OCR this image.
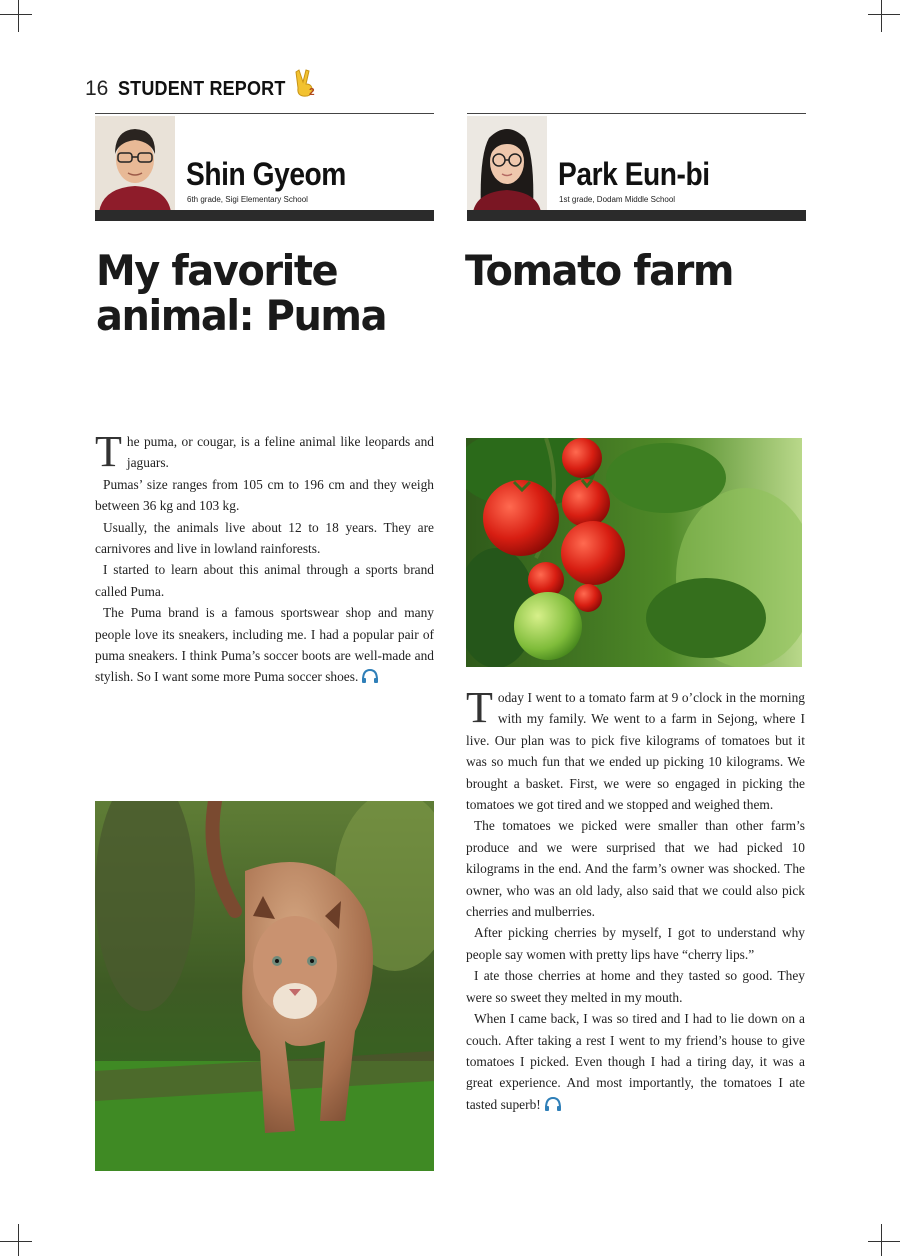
16 STUDENT REPORT 2
Shin Gyeom
6th grade, Sigi Elementary School
Park Eun-bi
1st grade, Dodam Middle School
My favorite
animal: Puma
Tomato farm

The puma, or cougar, is a feline animal like leopards and jaguars.

Pumas’ size ranges from 105 cm to 196 cm and they weigh between 36 kg and 103 kg.

Usually, the animals live about 12 to 18 years. They are carnivores and live in lowland rainforests.

I started to learn about this animal through a sports brand called Puma.

The Puma brand is a famous sportswear shop and many people love its sneakers, including me. I had a popular pair of puma sneakers. I think Puma’s soccer boots are well-made and stylish. So I want some more Puma soccer shoes.

Today I went to a tomato farm at 9 o’clock in the morning with my family. We went to a farm in Sejong, where I live. Our plan was to pick five kilograms of tomatoes but it was so much fun that we ended up picking 10 kilograms. We brought a basket. First, we were so engaged in picking the tomatoes we got tired and we stopped and weighed them.

The tomatoes we picked were smaller than other farm’s produce and we were surprised that we had picked 10 kilograms in the end. And the farm’s owner was shocked. The owner, who was an old lady, also said that we could also pick cherries and mulberries.

After picking cherries by myself, I got to understand why people say women with pretty lips have “cherry lips.”

I ate those cherries at home and they tasted so good. They were so sweet they melted in my mouth.

When I came back, I was so tired and I had to lie down on a couch. After taking a rest I went to my friend’s house to give tomatoes I picked. Even though I had a tiring day, it was a great experience. And most importantly, the tomatoes I ate tasted superb!
